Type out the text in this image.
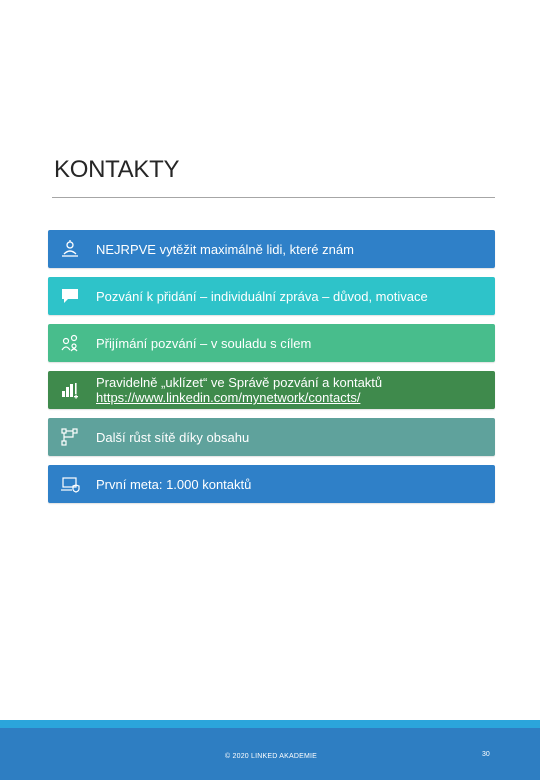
KONTAKTY
NEJRPVE vytěžit maximálně lidi, které znám
Pozvání k přidání – individuální zpráva – důvod, motivace
Přijímání pozvání – v souladu s cílem
Pravidelně „uklízet“ ve Správě pozvání a kontaktů
https://www.linkedin.com/mynetwork/contacts/
Další růst sítě díky obsahu
První meta: 1.000 kontaktů
© 2020 LINKED AKADEMIE	30
